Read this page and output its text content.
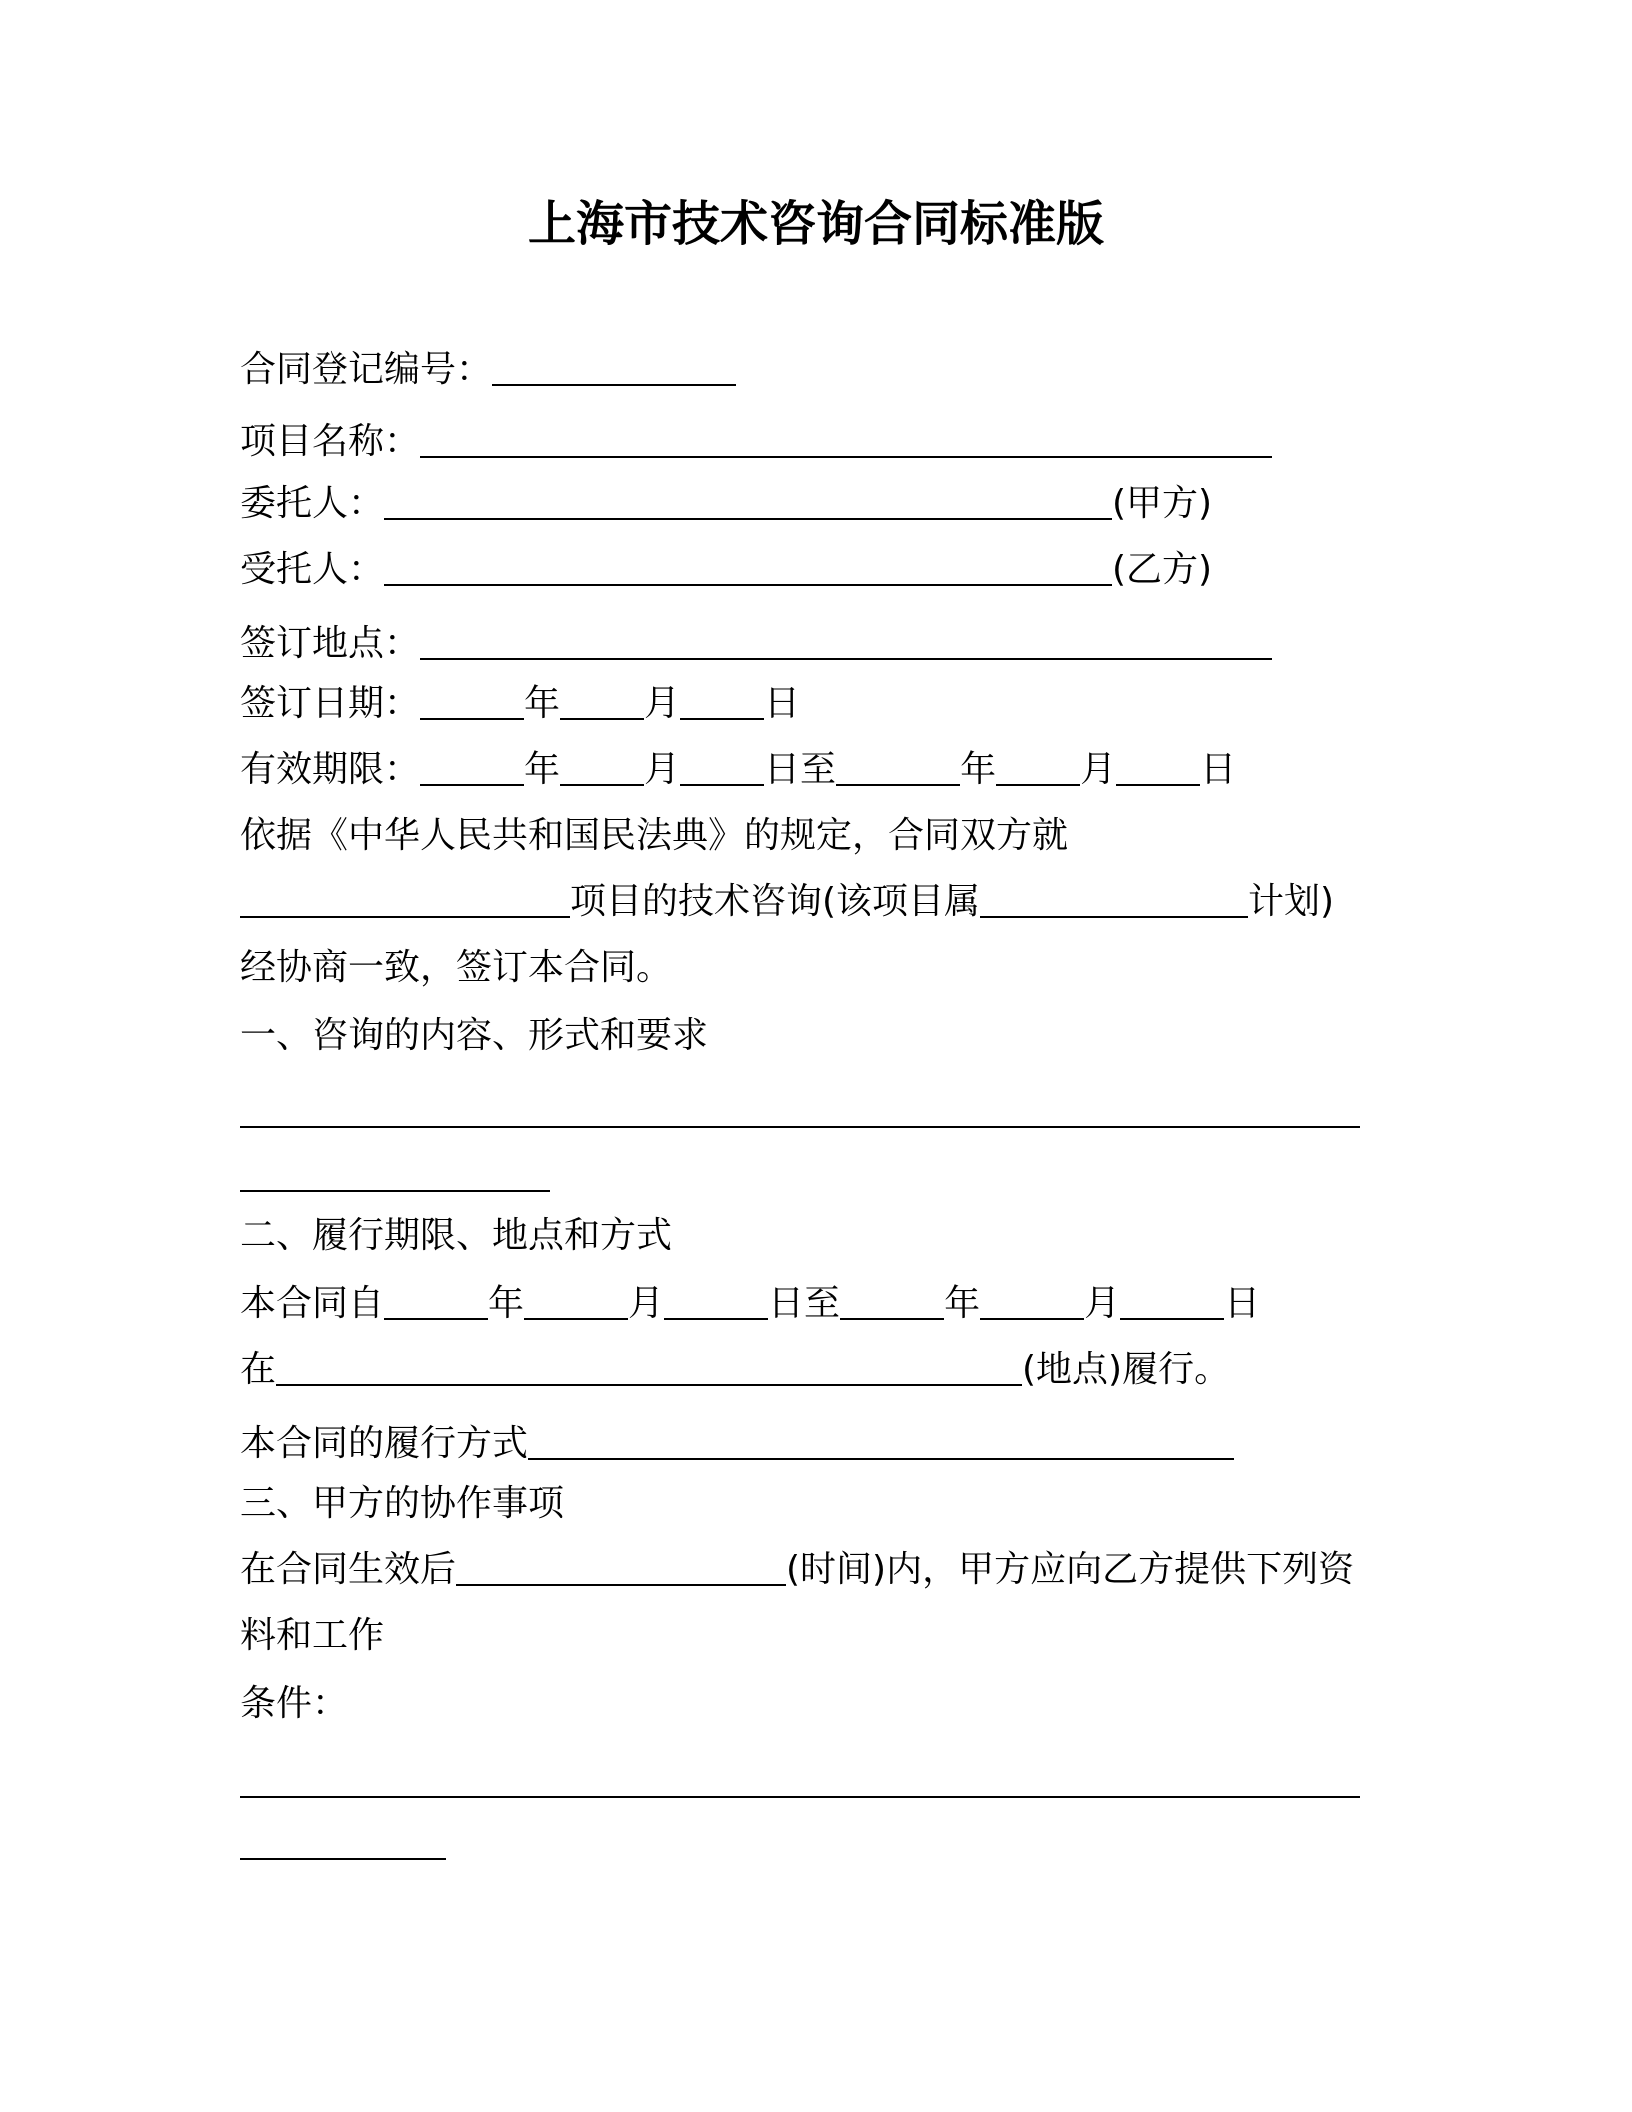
上海市技术咨询合同标准版
合同登记编号：
项目名称：
委托人：	(甲方)
受托人：	(乙方)
签订地点：
签订日期：	年 月 日
有效期限：	年 月 日至	年 月 日
依据《中华人民共和国民法典》的规定，合同双方就
项目的技术咨询(该项目属	计划)
经协商一致，签订本合同。
一、咨询的内容、形式和要求
二、履行期限、地点和方式
本合同自	年	月	日至	年	月	日
在	(地点)履行。
本合同的履行方式
三、甲方的协作事项
在合同生效后	(时间)内，甲方应向乙方提供下列资
料和工作
条件：
